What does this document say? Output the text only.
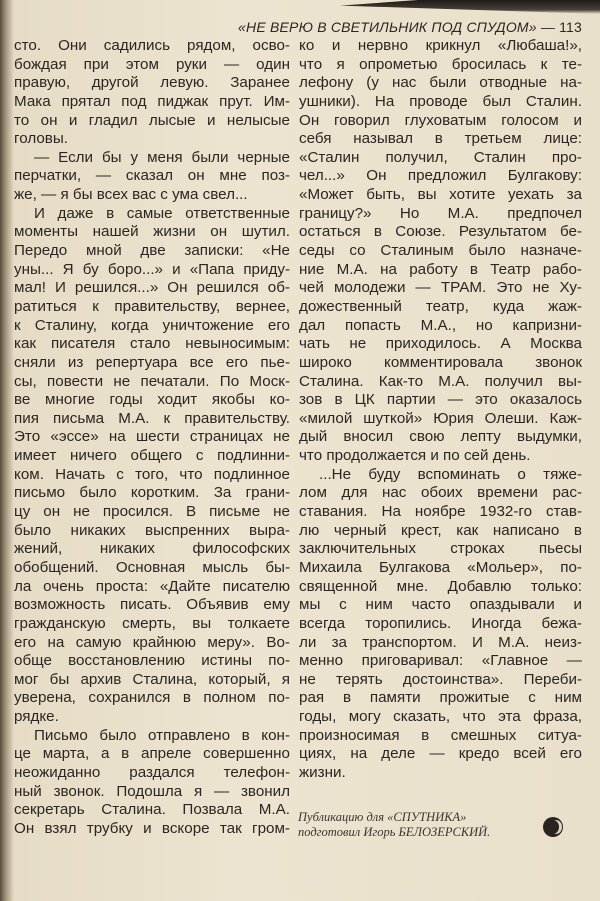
«НЕ ВЕРЮ В СВЕТИЛЬНИК ПОД СПУДОМ» — 113
сто. Они садились рядом, осво-
бождая при этом руки — один
правую, другой левую. Заранее
Мака прятал под пиджак прут. Им-
то он и гладил лысые и нелысые
головы.
— Если бы у меня были черные
перчатки, — сказал он мне поз-
же, — я бы всех вас с ума свел...
И даже в самые ответственные
моменты нашей жизни он шутил.
Передо мной две записки: «Не
уны... Я бу боро...» и «Папа приду-
мал! И решился...» Он решился об-
ратиться к правительству, вернее,
к Сталину, когда уничтожение его
как писателя стало невыносимым:
сняли из репертуара все его пье-
сы, повести не печатали. По Моск-
ве многие годы ходит якобы ко-
пия письма М.А. к правительству.
Это «эссе» на шести страницах не
имеет ничего общего с подлинни-
ком. Начать с того, что подлинное
письмо было коротким. За грани-
цу он не просился. В письме не
было никаких выспренних выра-
жений, никаких философских
обобщений. Основная мысль бы-
ла очень проста: «Дайте писателю
возможность писать. Объявив ему
гражданскую смерть, вы толкаете
его на самую крайнюю меру». Во-
обще восстановлению истины по-
мог бы архив Сталина, который, я
уверена, сохранился в полном по-
рядке.
Письмо было отправлено в кон-
це марта, а в апреле совершенно
неожиданно раздался телефон-
ный звонок. Подошла я — звонил
секретарь Сталина. Позвала М.А.
Он взял трубку и вскоре так гром-
ко и нервно крикнул «Любаша!»,
что я опрометью бросилась к те-
лефону (у нас были отводные на-
ушники). На проводе был Сталин.
Он говорил глуховатым голосом и
себя называл в третьем лице:
«Сталин получил, Сталин про-
чел...» Он предложил Булгакову:
«Может быть, вы хотите уехать за
границу?» Но М.А. предпочел
остаться в Союзе. Результатом бе-
седы со Сталиным было назначе-
ние М.А. на работу в Театр рабо-
чей молодежи — ТРАМ. Это не Ху-
дожественный театр, куда жаж-
дал попасть М.А., но капризни-
чать не приходилось. А Москва
широко комментировала звонок
Сталина. Как-то М.А. получил вы-
зов в ЦК партии — это оказалось
«милой шуткой» Юрия Олеши. Каж-
дый вносил свою лепту выдумки,
что продолжается и по сей день.
...Не буду вспоминать о тяже-
лом для нас обоих времени рас-
ставания. На ноябре 1932-го став-
лю черный крест, как написано в
заключительных строках пьесы
Михаила Булгакова «Мольер», по-
священной мне. Добавлю только:
мы с ним часто опаздывали и
всегда торопились. Иногда бежа-
ли за транспортом. И М.А. неиз-
менно приговаривал: «Главное —
не терять достоинства». Переби-
рая в памяти прожитые с ним
годы, могу сказать, что эта фраза,
произносимая в смешных ситуа-
циях, на деле — кредо всей его
жизни.
Публикацию для «СПУТНИКА»
подготовил Игорь БЕЛОЗЕРСКИЙ.
